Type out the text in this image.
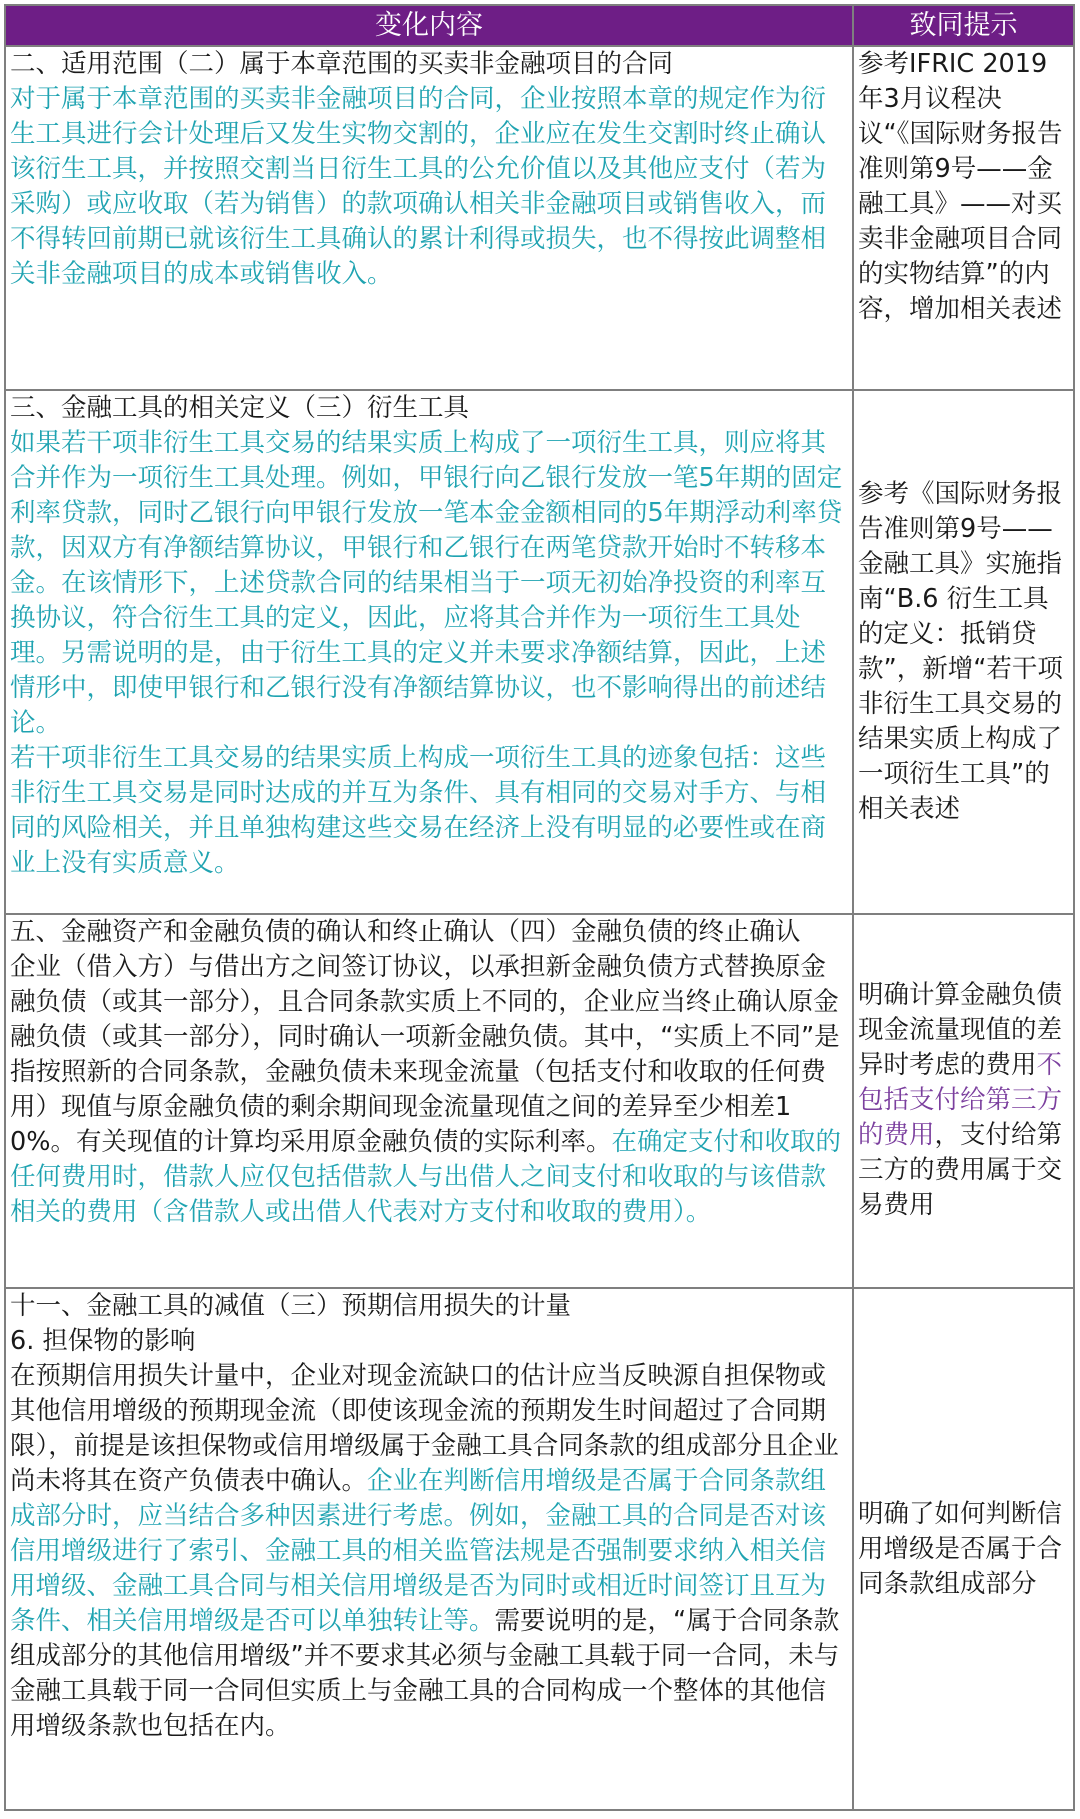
变化内容	致同提示

二、适用范围（二）属于本章范围的买卖非金融项目的合同
对于属于本章范围的买卖非金融项目的合同，企业按照本章的规定作为衍生工具进行会计处理后又发生实物交割的，企业应在发生交割时终止确认该衍生工具，并按照交割当日衍生工具的公允价值以及其他应支付（若为采购）或应收取（若为销售）的款项确认相关非金融项目或销售收入，而不得转回前期已就该衍生工具确认的累计利得或损失，也不得按此调整相关非金融项目的成本或销售收入。	参考IFRIC 2019年3月议程决议“《国际财务报告准则第9号——金融工具》——对买卖非金融项目合同的实物结算”的内容，增加相关表述

三、金融工具的相关定义（三）衍生工具
如果若干项非衍生工具交易的结果实质上构成了一项衍生工具，则应将其合并作为一项衍生工具处理。例如，甲银行向乙银行发放一笔5年期的固定利率贷款，同时乙银行向甲银行发放一笔本金金额相同的5年期浮动利率贷款，因双方有净额结算协议，甲银行和乙银行在两笔贷款开始时不转移本金。在该情形下，上述贷款合同的结果相当于一项无初始净投资的利率互换协议，符合衍生工具的定义，因此，应将其合并作为一项衍生工具处理。另需说明的是，由于衍生工具的定义并未要求净额结算，因此，上述情形中，即使甲银行和乙银行没有净额结算协议，也不影响得出的前述结论。
若干项非衍生工具交易的结果实质上构成一项衍生工具的迹象包括：这些非衍生工具交易是同时达成的并互为条件、具有相同的交易对手方、与相同的风险相关，并且单独构建这些交易在经济上没有明显的必要性或在商业上没有实质意义。	参考《国际财务报告准则第9号——金融工具》实施指南“B.6 衍生工具的定义：抵销贷款”，新增“若干项非衍生工具交易的结果实质上构成了一项衍生工具”的相关表述

五、金融资产和金融负债的确认和终止确认（四）金融负债的终止确认
企业（借入方）与借出方之间签订协议，以承担新金融负债方式替换原金融负债（或其一部分），且合同条款实质上不同的，企业应当终止确认原金融负债（或其一部分），同时确认一项新金融负债。其中，“实质上不同”是指按照新的合同条款，金融负债未来现金流量（包括支付和收取的任何费用）现值与原金融负债的剩余期间现金流量现值之间的差异至少相差10%。有关现值的计算均采用原金融负债的实际利率。在确定支付和收取的任何费用时，借款人应仅包括借款人与出借人之间支付和收取的与该借款相关的费用（含借款人或出借人代表对方支付和收取的费用）。	明确计算金融负债现金流量现值的差异时考虑的费用不包括支付给第三方的费用，支付给第三方的费用属于交易费用

十一、金融工具的减值（三）预期信用损失的计量
6. 担保物的影响
在预期信用损失计量中，企业对现金流缺口的估计应当反映源自担保物或其他信用增级的预期现金流（即使该现金流的预期发生时间超过了合同期限），前提是该担保物或信用增级属于金融工具合同条款的组成部分且企业尚未将其在资产负债表中确认。企业在判断信用增级是否属于合同条款组成部分时，应当结合多种因素进行考虑。例如，金融工具的合同是否对该信用增级进行了索引、金融工具的相关监管法规是否强制要求纳入相关信用增级、金融工具合同与相关信用增级是否为同时或相近时间签订且互为条件、相关信用增级是否可以单独转让等。需要说明的是，“属于合同条款组成部分的其他信用增级”并不要求其必须与金融工具载于同一合同，未与金融工具载于同一合同但实质上与金融工具的合同构成一个整体的其他信用增级条款也包括在内。	明确了如何判断信用增级是否属于合同条款组成部分
